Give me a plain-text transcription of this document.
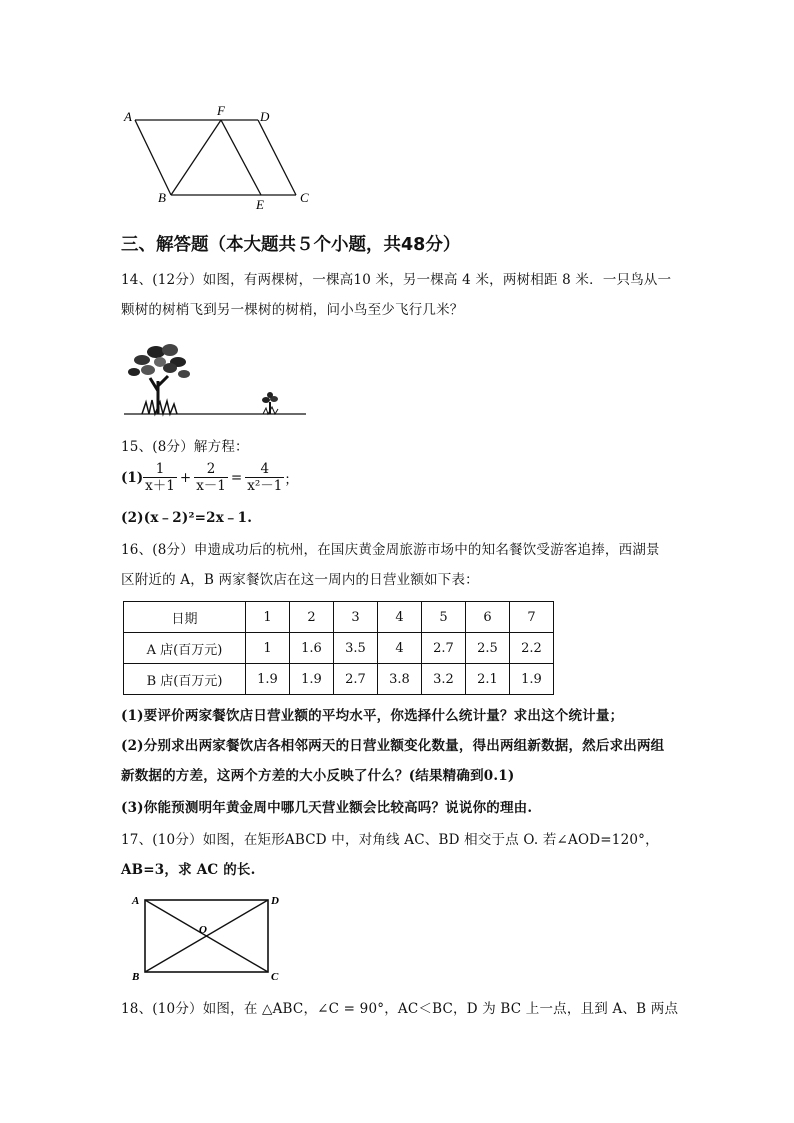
A	F	D
B	E	C
三、解答题（本大题共５个小题，共48分）
14、(12分）如图，有两棵树，一棵高10 米，另一棵高 4 米，两树相距 8 米．一只鸟从一
颗树的树梢飞到另一棵树的树梢，问小鸟至少飞行几米？
15、(8分）解方程：
$(1) \frac{1}{x+1} + \frac{2}{x-1} = \frac{4}{\text{x²－1}}$ ；
(2)(x﹣2)²=2x﹣1.
16、(8分）申遗成功后的杭州，在国庆黄金周旅游市场中的知名餐饮受游客追捧，西湖景
区附近的 A，B 两家餐饮店在这一周内的日营业额如下表：
日期	1	2	3	4	5	6	7
A 店(百万元)	1	1.6	3.5	4	2.7	2.5	2.2
B 店(百万元)	1.9	1.9	2.7	3.8	3.2	2.1	1.9
(1)要评价两家餐饮店日营业额的平均水平，你选择什么统计量？求出这个统计量；
(2)分别求出两家餐饮店各相邻两天的日营业额变化数量，得出两组新数据，然后求出两组
新数据的方差，这两个方差的大小反映了什么？(结果精确到0.1)
(3)你能预测明年黄金周中哪几天营业额会比较高吗？说说你的理由.
17、(10分）如图，在矩形ABCD 中，对角线 AC、BD 相交于点 O. 若∠AOD=120°，
AB=3，求 AC 的长.
A	D
O
B	C
18、(10分）如图，在 △ABC，∠C = 90°，AC＜BC，D 为 BC 上一点，且到 A、B 两点
